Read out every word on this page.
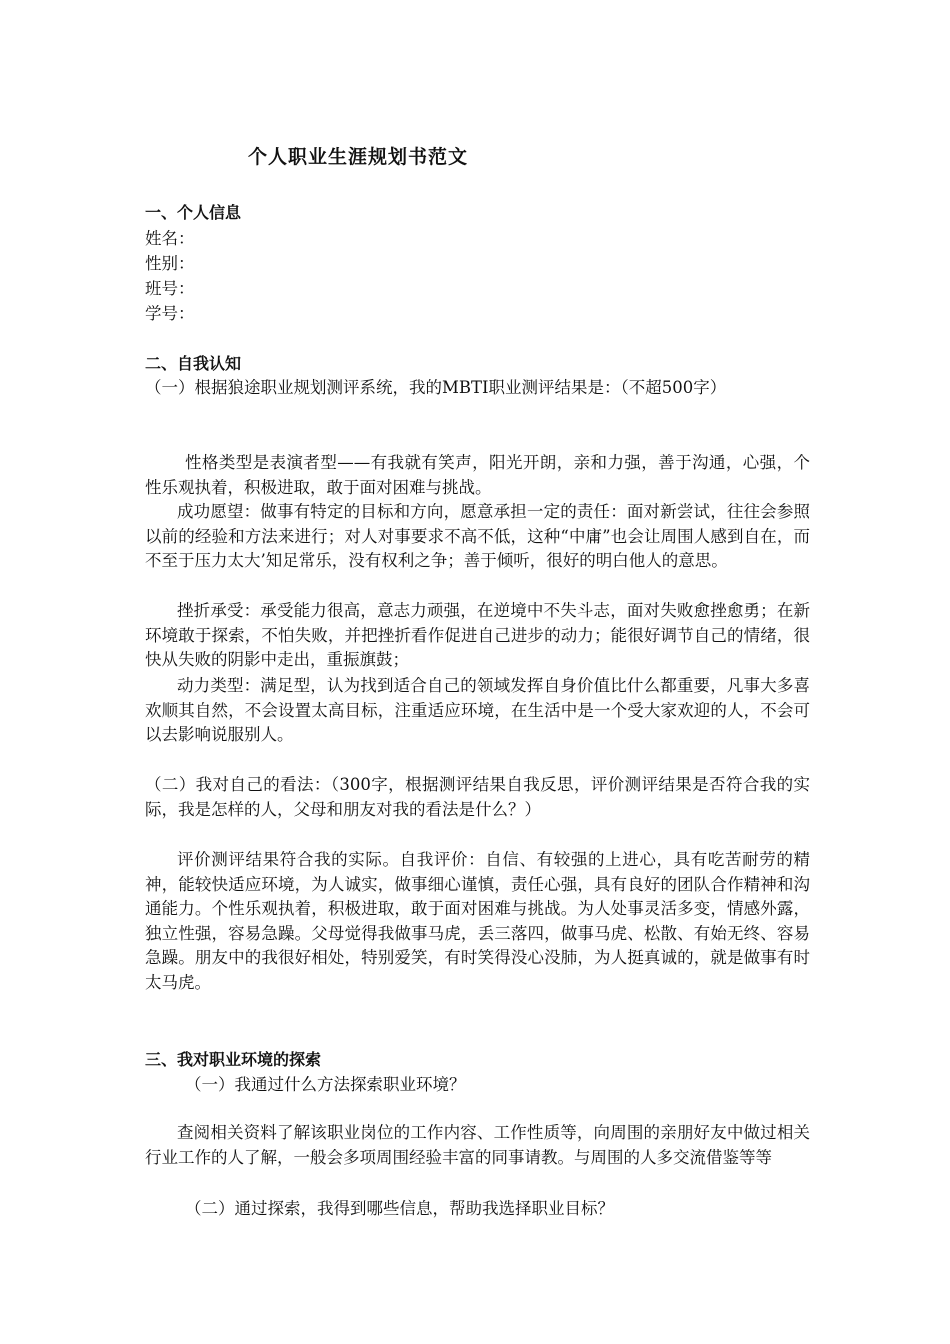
个人职业生涯规划书范文
一、个人信息
姓名：
性别：
班号：
学号：
二、自我认知
（一）根据狼途职业规划测评系统，我的MBTI职业测评结果是：（不超500字）
性格类型是表演者型——有我就有笑声，阳光开朗，亲和力强，善于沟通，心强，个性乐观执着，积极进取，敢于面对困难与挑战。
成功愿望：做事有特定的目标和方向，愿意承担一定的责任：面对新尝试，往往会参照以前的经验和方法来进行；对人对事要求不高不低，这种“中庸”也会让周围人感到自在，而不至于压力太大’知足常乐，没有权利之争；善于倾听，很好的明白他人的意思。
挫折承受：承受能力很高，意志力顽强，在逆境中不失斗志，面对失败愈挫愈勇；在新环境敢于探索，不怕失败，并把挫折看作促进自己进步的动力；能很好调节自己的情绪，很快从失败的阴影中走出，重振旗鼓；
动力类型：满足型，认为找到适合自己的领域发挥自身价值比什么都重要，凡事大多喜欢顺其自然，不会设置太高目标，注重适应环境，在生活中是一个受大家欢迎的人，不会可以去影响说服别人。
（二）我对自己的看法：（300字，根据测评结果自我反思，评价测评结果是否符合我的实际，我是怎样的人，父母和朋友对我的看法是什么？）
评价测评结果符合我的实际。自我评价：自信、有较强的上进心，具有吃苦耐劳的精神，能较快适应环境，为人诚实，做事细心谨慎，责任心强，具有良好的团队合作精神和沟通能力。个性乐观执着，积极进取，敢于面对困难与挑战。为人处事灵活多变，情感外露，独立性强，容易急躁。父母觉得我做事马虎，丢三落四，做事马虎、松散、有始无终、容易急躁。朋友中的我很好相处，特别爱笑，有时笑得没心没肺，为人挺真诚的，就是做事有时太马虎。
三、我对职业环境的探索
（一）我通过什么方法探索职业环境？
查阅相关资料了解该职业岗位的工作内容、工作性质等，向周围的亲朋好友中做过相关行业工作的人了解，一般会多项周围经验丰富的同事请教。与周围的人多交流借鉴等等
（二）通过探索，我得到哪些信息，帮助我选择职业目标？
